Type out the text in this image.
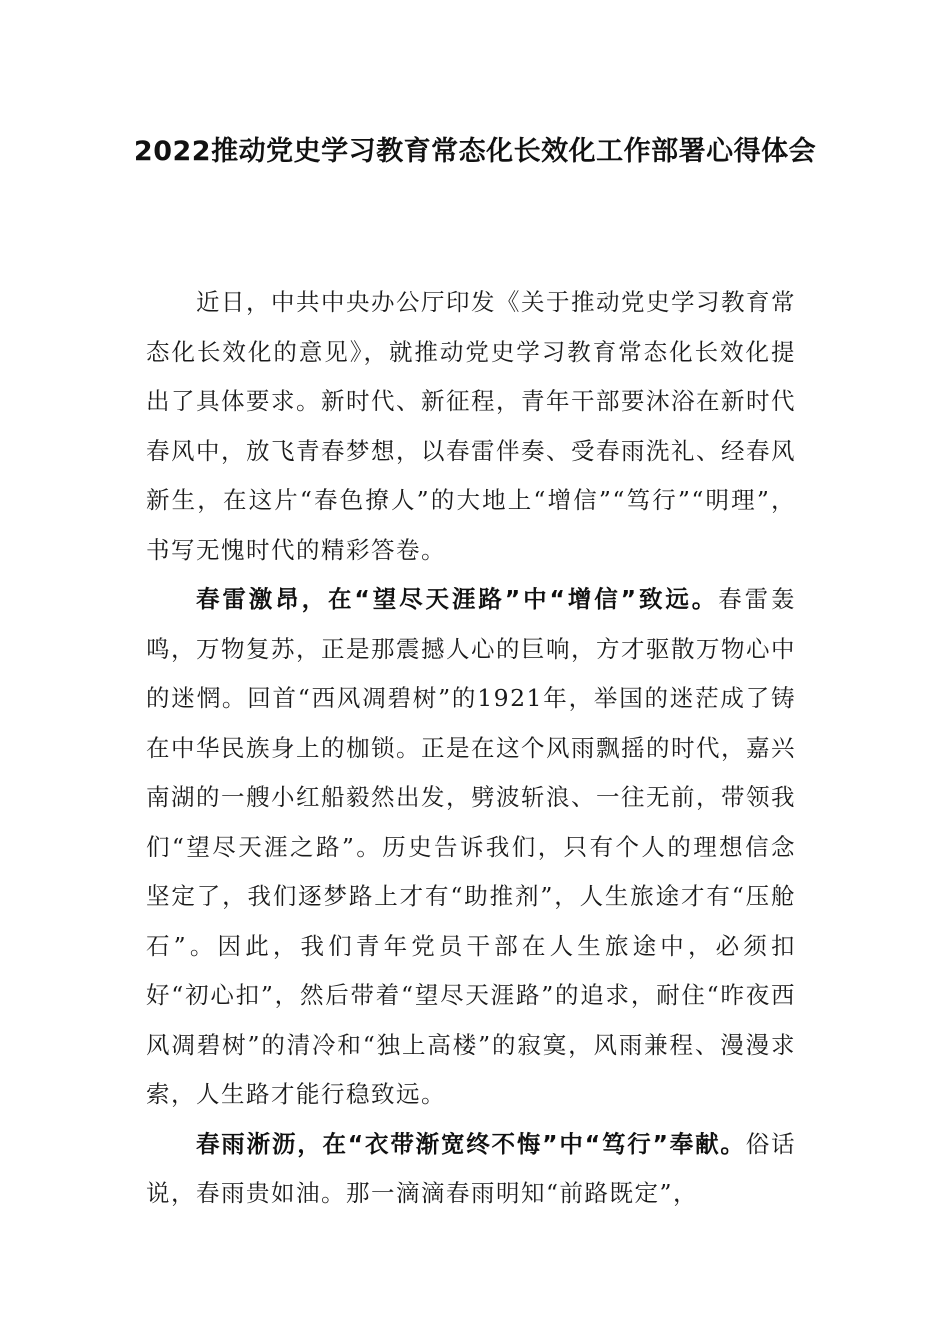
2022推动党史学习教育常态化长效化工作部署心得体会

近日，中共中央办公厅印发《关于推动党史学习教育常态化长效化的意见》，就推动党史学习教育常态化长效化提出了具体要求。新时代、新征程，青年干部要沐浴在新时代春风中，放飞青春梦想，以春雷伴奏、受春雨洗礼、经春风新生，在这片“春色撩人”的大地上“增信”“笃行”“明理”，书写无愧时代的精彩答卷。

春雷激昂，在“望尽天涯路”中“增信”致远。春雷轰鸣，万物复苏，正是那震撼人心的巨响，方才驱散万物心中的迷惘。回首“西风凋碧树”的1921年，举国的迷茫成了铸在中华民族身上的枷锁。正是在这个风雨飘摇的时代，嘉兴南湖的一艘小红船毅然出发，劈波斩浪、一往无前，带领我们“望尽天涯之路”。历史告诉我们，只有个人的理想信念坚定了，我们逐梦路上才有“助推剂”，人生旅途才有“压舱石”。因此，我们青年党员干部在人生旅途中，必须扣好“初心扣”，然后带着“望尽天涯路”的追求，耐住“昨夜西风凋碧树”的清冷和“独上高楼”的寂寞，风雨兼程、漫漫求索，人生路才能行稳致远。

春雨淅沥，在“衣带渐宽终不悔”中“笃行”奉献。俗话说，春雨贵如油。那一滴滴春雨明知“前路既定”，
